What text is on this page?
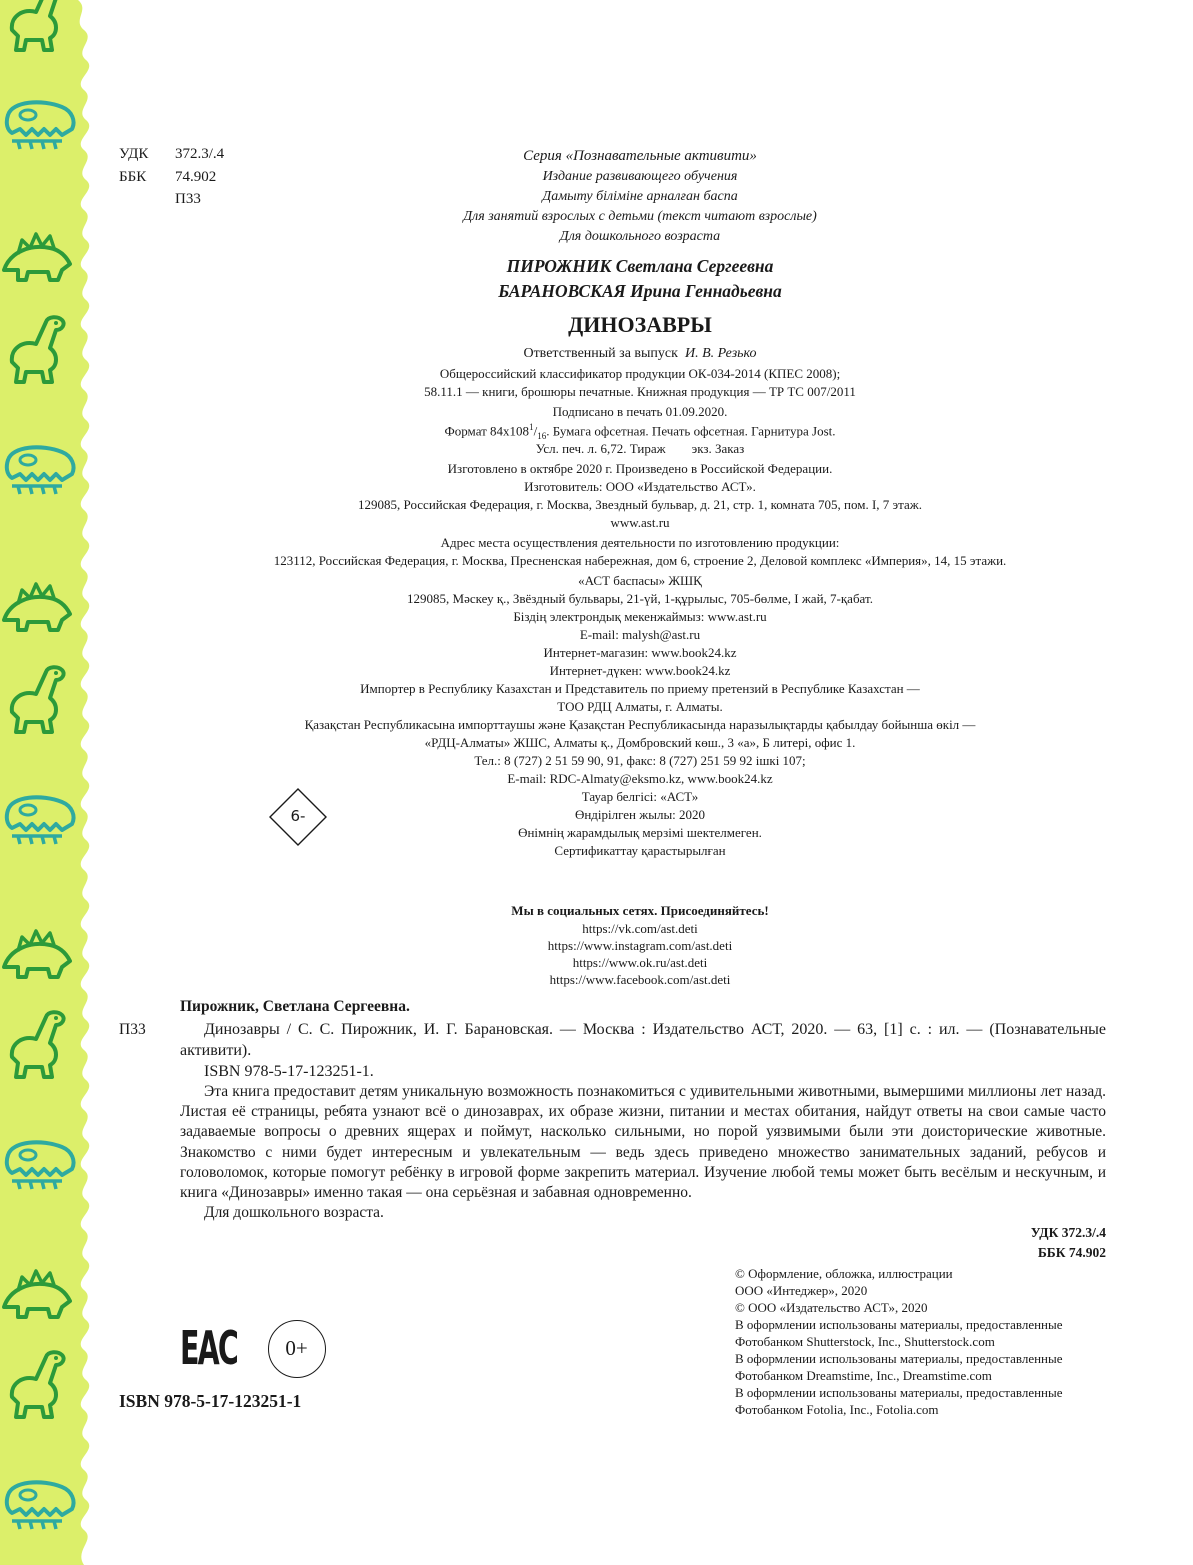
УДК 372.3/.4
ББК 74.902
П33
Серия «Познавательные активити»
Издание развивающего обучения
Дамыту біліміне арналған баспа
Для занятий взрослых с детьми (текст читают взрослые)
Для дошкольного возраста
ПИРОЖНИК Светлана Сергеевна
БАРАНОВСКАЯ Ирина Геннадьевна
ДИНОЗАВРЫ
Ответственный за выпуск И. В. Резько
Общероссийский классификатор продукции ОК-034-2014 (КПЕС 2008);
58.11.1 — книги, брошюры печатные. Книжная продукция — ТР ТС 007/2011
Подписано в печать 01.09.2020.
Формат $84x108^1/_{16}$. Бумага офсетная. Печать офсетная. Гарнитура Jost.
Усл. печ. л. 6,72. Тираж экз. Заказ
Изготовлено в октябре 2020 г. Произведено в Российской Федерации.
Изготовитель: ООО «Издательство АСТ».
129085, Российская Федерация, г. Москва, Звездный бульвар, д. 21, стр. 1, комната 705, пом. I, 7 этаж.
www.ast.ru
Адрес места осуществления деятельности по изготовлению продукции:
123112, Российская Федерация, г. Москва, Пресненская набережная, дом 6, строение 2, Деловой комплекс «Империя», 14, 15 этажи.
«АСТ баспасы» ЖШҚ
129085, Мәскеу қ., Звёздный бульвары, 21-үй, 1-құрылыс, 705-бөлме, I жай, 7-қабат.
Біздің электрондық мекенжаймыз: www.ast.ru
E-mail: malysh@ast.ru
Интернет-магазин: www.book24.kz
Интернет-дүкен: www.book24.kz
Импортер в Республику Казахстан и Представитель по приему претензий в Республике Казахстан —
ТОО РДЦ Алматы, г. Алматы.
Қазақстан Республикасына импорттаушы және Қазақстан Республикасында наразылықтарды қабылдау бойынша өкіл —
«РДЦ-Алматы» ЖШС, Алматы қ., Домбровский көш., 3 «а», Б литері, офис 1.
Тел.: 8 (727) 2 51 59 90, 91, факс: 8 (727) 251 59 92 ішкі 107;
E-mail: RDC-Almaty@eksmo.kz, www.book24.kz
Тауар белгісі: «АСТ»
Өндірілген жылы: 2020
Өнімнің жарамдылық мерзімі шектелмеген.
Сертификаттау қарастырылған
6-
Мы в социальных сетях. Присоединяйтесь!
https://vk.com/ast.deti
https://www.instagram.com/ast.deti
https://www.ok.ru/ast.deti
https://www.facebook.com/ast.deti
Пирожник, Светлана Сергеевна.
П33	Динозавры / С. С. Пирожник, И. Г. Барановская. — Москва : Издательство АСТ, 2020. — 63, [1] с. : ил. — (Познавательные активити).

ISBN 978-5-17-123251-1.

Эта книга предоставит детям уникальную возможность познакомиться с удивительными животными, вымершими миллионы лет назад. Листая её страницы, ребята узнают всё о динозаврах, их образе жизни, питании и местах обитания, найдут ответы на свои самые часто задаваемые вопросы о древних ящерах и поймут, насколько сильными, но порой уязвимыми были эти доисторические животные. Знакомство с ними будет интересным и увлекательным — ведь здесь приведено множество занимательных заданий, ребусов и головоломок, которые помогут ребёнку в игровой форме закрепить материал. Изучение любой темы может быть весёлым и нескучным, и книга «Динозавры» именно такая — она серьёзная и забавная одновременно.

Для дошкольного возраста.

УДК 372.3/.4
ББК 74.902
© Оформление, обложка, иллюстрации
ООО «Интеджер», 2020
© ООО «Издательство АСТ», 2020
В оформлении использованы материалы, предоставленные
Фотобанком Shutterstock, Inc., Shutterstock.com
В оформлении использованы материалы, предоставленные
Фотобанком Dreamstime, Inc., Dreamstime.com
В оформлении использованы материалы, предоставленные
Фотобанком Fotolia, Inc., Fotolia.com
ЕАС	0+
ISBN 978-5-17-123251-1
